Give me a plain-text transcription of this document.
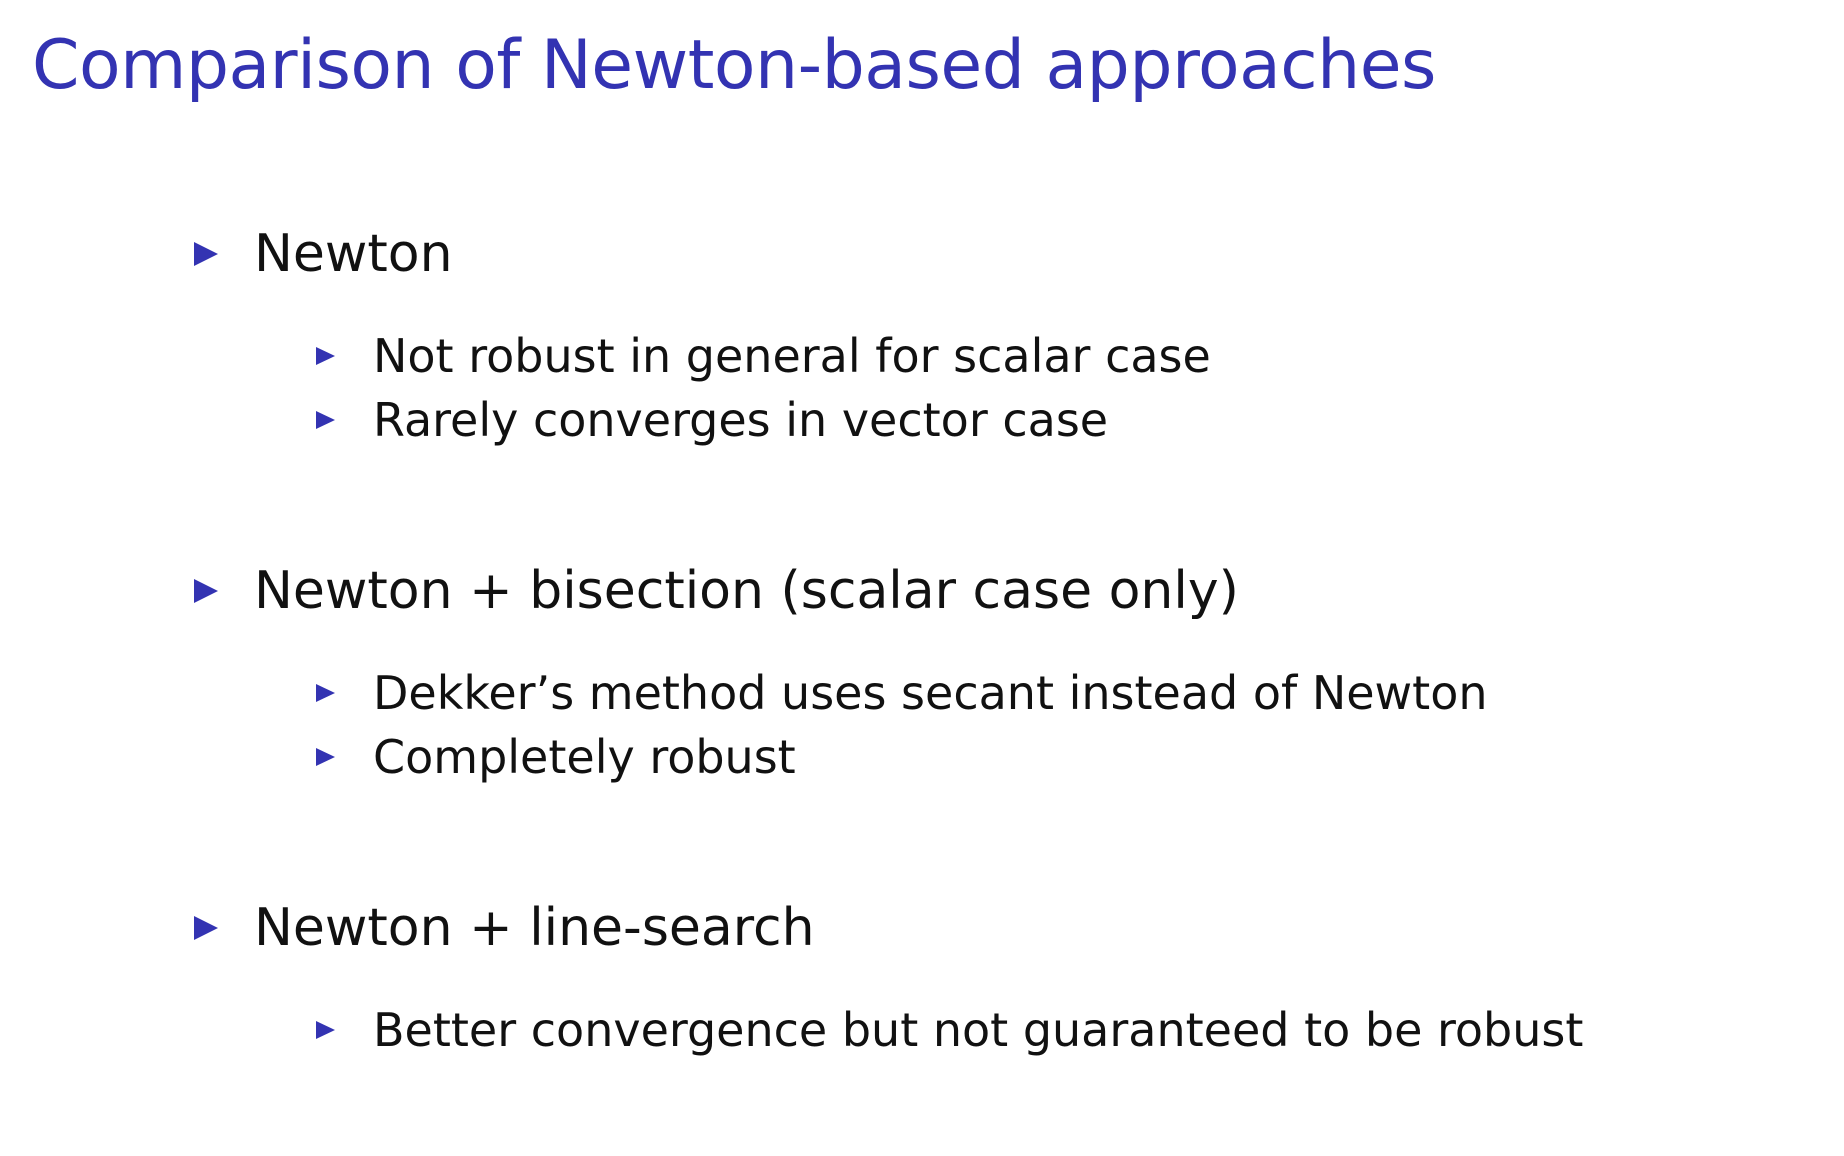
Comparison of Newton-based approaches
Newton
Not robust in general for scalar case
Rarely converges in vector case
Newton + bisection (scalar case only)
Dekker’s method uses secant instead of Newton
Completely robust
Newton + line-search
Better convergence but not guaranteed to be robust
